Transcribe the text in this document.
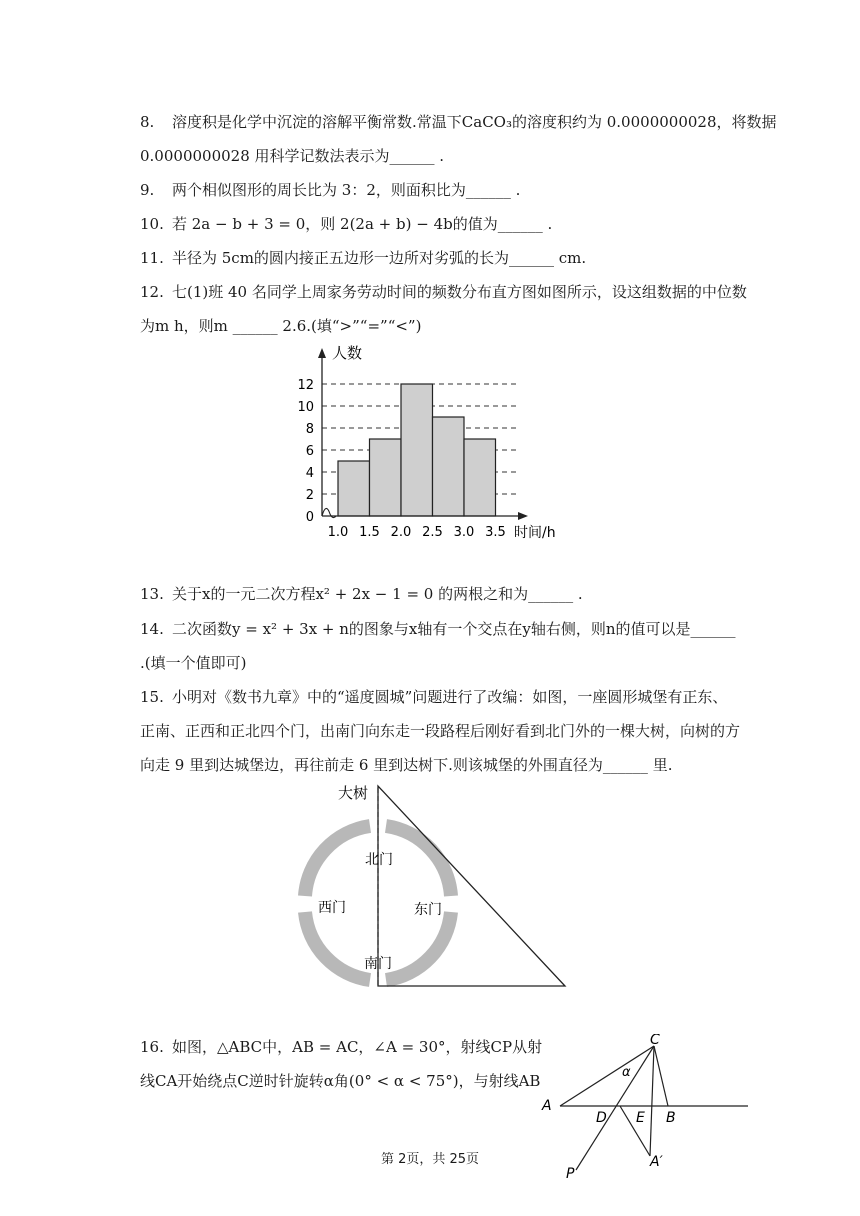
8. 溶度积是化学中沉淀的溶解平衡常数.常温下CaCO₃的溶度积约为 0.0000000028，将数据
0.0000000028 用科学记数法表示为______ .
9. 两个相似图形的周长比为 3：2，则面积比为______ .
10. 若 2a − b + 3 = 0，则 2(2a + b) − 4b的值为______ .
11. 半径为 5cm的圆内接正五边形一边所对劣弧的长为______ cm.
12. 七(1)班 40 名同学上周家务劳动时间的频数分布直方图如图所示，设这组数据的中位数
为m h，则m ______ 2.6.(填“>”“=”“<”)
0
2
4
6
8
10
12
1.0 1.5 2.0 2.5 3.0 3.5
人数
时间/h
13. 关于x的一元二次方程x² + 2x − 1 = 0 的两根之和为______ .
14. 二次函数y = x² + 3x + n的图象与x轴有一个交点在y轴右侧，则n的值可以是______
.(填一个值即可)
15. 小明对《数书九章》中的“遥度圆城”问题进行了改编：如图，一座圆形城堡有正东、
正南、正西和正北四个门，出南门向东走一段路程后刚好看到北门外的一棵大树，向树的方
向走 9 里到达城堡边，再往前走 6 里到达树下.则该城堡的外围直径为______ 里.
大树
北门
西门	东门
南门
16. 如图，△ABC中，AB = AC，∠A = 30°，射线CP从射
线CA开始绕点C逆时针旋转α角(0° < α < 75°)，与射线AB
C
α
A
D E B
P
A′
第 2页，共 25页
